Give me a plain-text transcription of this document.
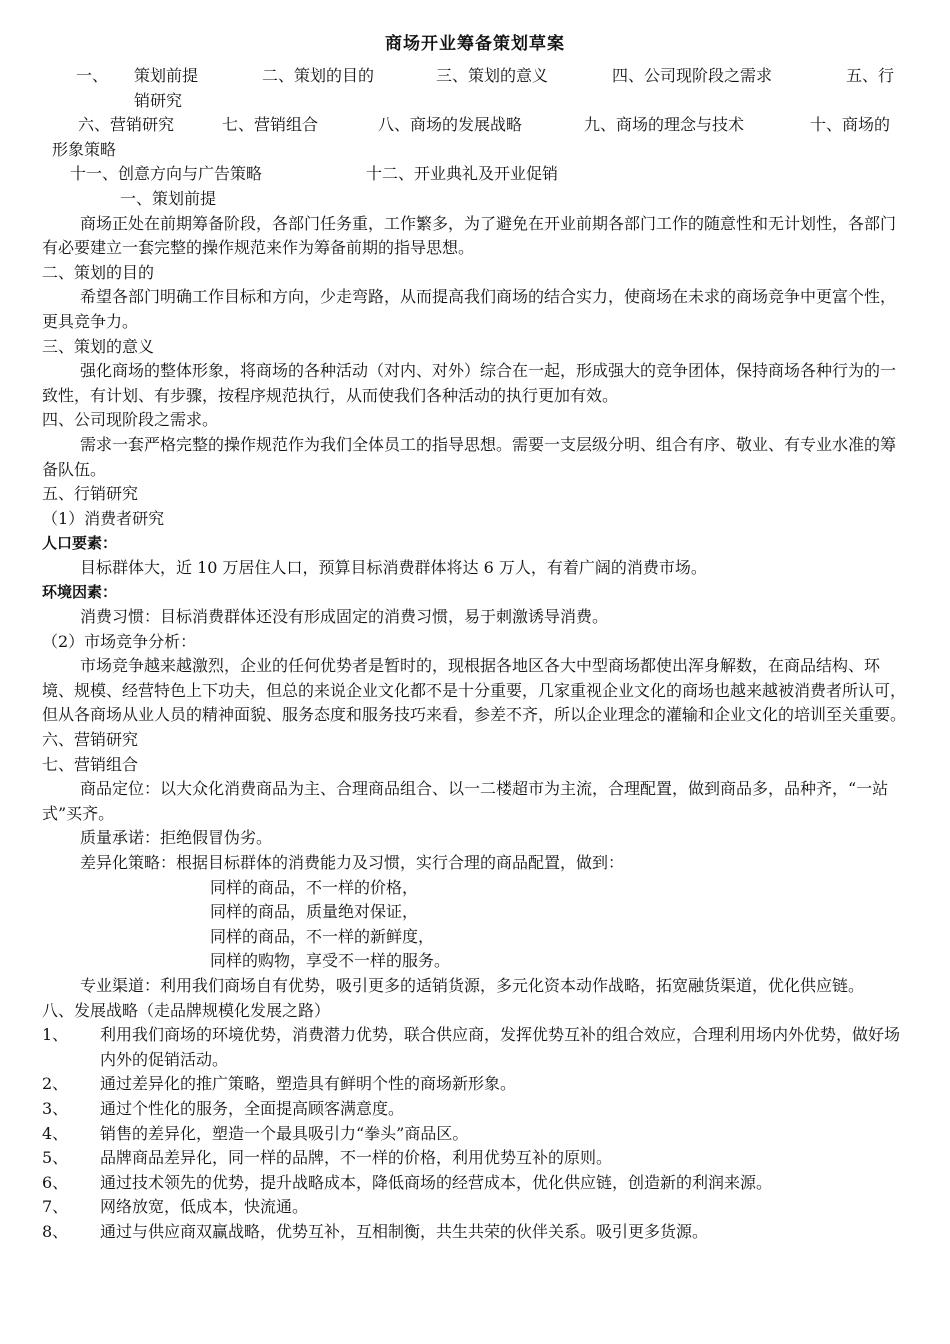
商场开业筹备策划草案
一、 策划前提	二、策划的目的	三、策划的意义	四、公司现阶段之需求	五、行
销研究
六、营销研究	七、营销组合	八、商场的发展战略	九、商场的理念与技术	十、商场的
形象策略
十一、创意方向与广告策略	十二、开业典礼及开业促销
一、策划前提
商场正处在前期筹备阶段，各部门任务重，工作繁多，为了避免在开业前期各部门工作的随意性和无计划性，各部门有必要建立一套完整的操作规范来作为筹备前期的指导思想。
二、策划的目的
希望各部门明确工作目标和方向，少走弯路，从而提高我们商场的结合实力，使商场在未求的商场竞争中更富个性，更具竞争力。
三、策划的意义
强化商场的整体形象，将商场的各种活动（对内、对外）综合在一起，形成强大的竞争团体，保持商场各种行为的一致性，有计划、有步骤，按程序规范执行，从而使我们各种活动的执行更加有效。
四、公司现阶段之需求。
需求一套严格完整的操作规范作为我们全体员工的指导思想。需要一支层级分明、组合有序、敬业、有专业水准的筹备队伍。
五、行销研究
（1）消费者研究
人口要素：
目标群体大，近 10 万居住人口，预算目标消费群体将达 6 万人，有着广阔的消费市场。
环境因素：
消费习惯：目标消费群体还没有形成固定的消费习惯，易于刺激诱导消费。
（2）市场竞争分析：
市场竞争越来越激烈，企业的任何优势者是暂时的，现根据各地区各大中型商场都使出浑身解数，在商品结构、环境、规模、经营特色上下功夫，但总的来说企业文化都不是十分重要，几家重视企业文化的商场也越来越被消费者所认可，但从各商场从业人员的精神面貌、服务态度和服务技巧来看，参差不齐，所以企业理念的灌输和企业文化的培训至关重要。
六、营销研究
七、营销组合
商品定位：以大众化消费商品为主、合理商品组合、以一二楼超市为主流，合理配置，做到商品多，品种齐，“一站式”买齐。
质量承诺：拒绝假冒伪劣。
差异化策略：根据目标群体的消费能力及习惯，实行合理的商品配置，做到：
同样的商品，不一样的价格，
同样的商品，质量绝对保证，
同样的商品，不一样的新鲜度，
同样的购物，享受不一样的服务。
专业渠道：利用我们商场自有优势，吸引更多的适销货源，多元化资本动作战略，拓宽融货渠道，优化供应链。
八、发展战略（走品牌规模化发展之路）
1、	利用我们商场的环境优势，消费潜力优势，联合供应商，发挥优势互补的组合效应，合理利用场内外优势，做好场内外的促销活动。
2、	通过差异化的推广策略，塑造具有鲜明个性的商场新形象。
3、	通过个性化的服务，全面提高顾客满意度。
4、	销售的差异化，塑造一个最具吸引力“拳头”商品区。
5、	品牌商品差异化，同一样的品牌，不一样的价格，利用优势互补的原则。
6、	通过技术领先的优势，提升战略成本，降低商场的经营成本，优化供应链，创造新的利润来源。
7、	网络放宽，低成本，快流通。
8、	通过与供应商双赢战略，优势互补，互相制衡，共生共荣的伙伴关系。吸引更多货源。
